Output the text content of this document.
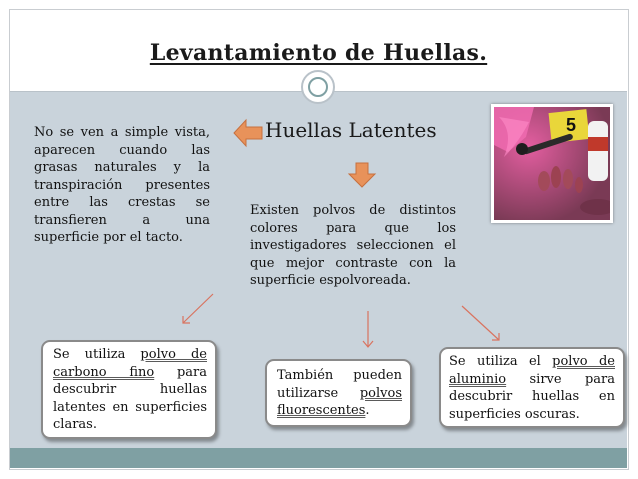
Levantamiento de Huellas.
No se ven a simple vista, aparecen cuando las grasas naturales y la transpiración presentes entre las crestas se transfieren a una superficie por el tacto.
Huellas Latentes
Existen polvos de distintos colores para que los investigadores seleccionen el que mejor contraste con la superficie espolvoreada.
5
Se utiliza polvo de carbono fino para descubrir huellas latentes en superficies claras.
También pueden utilizarse polvos fluorescentes.
Se utiliza el polvo de aluminio sirve para descubrir huellas en superficies oscuras.
